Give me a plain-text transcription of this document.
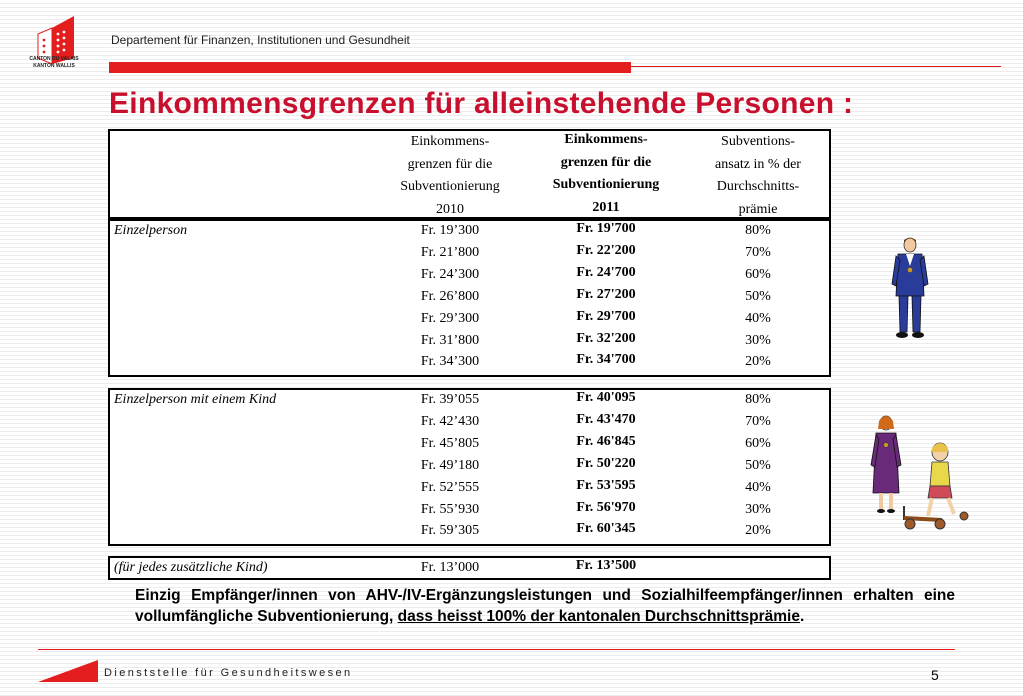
CANTON DU VALAIS
KANTON WALLIS
Departement für Finanzen, Institutionen und Gesundheit
Einkommensgrenzen für alleinstehende Personen :
Einkommens-
grenzen für die
Subventionierung
2010
Einkommens-
grenzen für die
Subventionierung
2011
Subventions-
ansatz in % der
Durchschnitts-
prämie
Einzelperson	Fr. 19’300	Fr. 19'700	80%
Fr. 21’800	Fr. 22'200	70%
Fr. 24’300	Fr. 24'700	60%
Fr. 26’800	Fr. 27'200	50%
Fr. 29’300	Fr. 29'700	40%
Fr. 31’800	Fr. 32'200	30%
Fr. 34’300	Fr. 34'700	20%
Einzelperson mit einem Kind	Fr. 39’055	Fr. 40'095	80%
Fr. 42’430	Fr. 43'470	70%
Fr. 45’805	Fr. 46'845	60%
Fr. 49’180	Fr. 50'220	50%
Fr. 52’555	Fr. 53'595	40%
Fr. 55’930	Fr. 56'970	30%
Fr. 59’305	Fr. 60'345	20%
(für jedes zusätzliche Kind)	Fr. 13’000	Fr. 13’500
Einzig Empfänger/innen von AHV-/IV-Ergänzungsleistungen und Sozialhilfeempfänger/innen erhalten eine vollumfängliche Subventionierung, dass heisst 100% der kantonalen Durchschnittsprämie.
Dienststelle für Gesundheitswesen	5
